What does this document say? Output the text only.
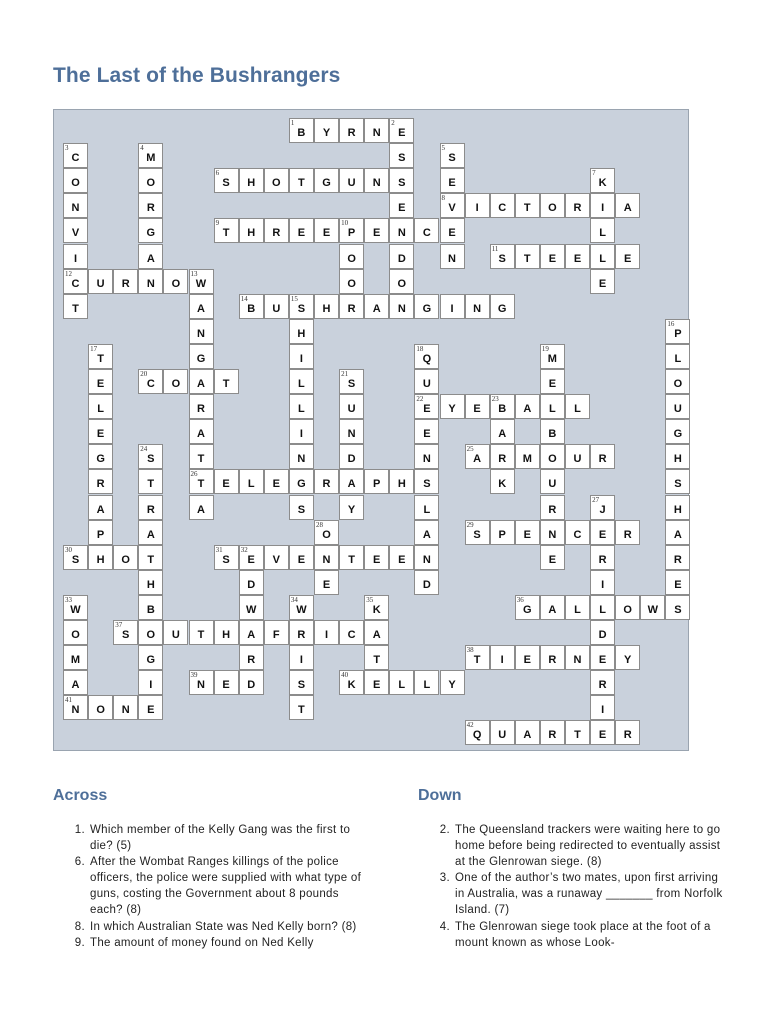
The Last of the Bushrangers
B
1
Y	R	N	E
2
S
S
E
N
D
O
N
C
3
O
N
V
I
C
12
T
M
4
O
R
G
A
N
S
5
E
V
8
E
N
S
6
H	O	T	G	U	N	K
7
I
L
L
E
I	C	T	O	R	A
T
9
H	R	E	E	P
10
E	C
O
O
R
S
11
T	E	E	E
U	R	O	W
13
A
N
G
A
R
A
T
T
26
A
B
14
U	S
15
H	A	G	I	N	G
H
I
L
L
I
N
G
S
P
16
L
O
U
G
H
S
H
A
R
E
S
T
17
E
L
E
G
R
A
P
Q
18
U
E
22
E
N
S
L
A
N
D
M
19
E
L
B
O
U
R
N
E
C
20
O	T	S
21
U
N
D
A
Y
Y	E	B
23
A	L
A
R
K
S
24
T
R
A
T
H
B
O
G
I
E
A
25
M	U	R
E	L	E	R	P	H
J
27
E
R
I
L
D
E
R
I
E
O
28
N
E
S
29
P	E	C	R
S
30
H	O	S
31
E
32
V	E	T	E	E
D
W
A
R
D
W
33
O
M
A
N
41
W
34
R
I
S
T
K
35
A
T
E
G
36
A	L	O	W
S
37
U	T	H	F	I	C
T
38
I	E	R	N	Y
N
39
E	K
40
L	L	Y
O	N
Q
42
U	A	R	T	R
Across	Down
1. Which member of the Kelly Gang was the first to die? (5)
6. After the Wombat Ranges killings of the police officers, the police were supplied with what type of guns, costing the Government about 8 pounds each? (8)
8. In which Australian State was Ned Kelly born? (8)
9. The amount of money found on Ned Kelly
2. The Queensland trackers were waiting here to go home before being redirected to eventually assist at the Glenrowan siege. (8)
3. One of the author’s two mates, upon first arriving in Australia, was a runaway _______ from Norfolk Island. (7)
4. The Glenrowan siege took place at the foot of a mount known as whose Look-
